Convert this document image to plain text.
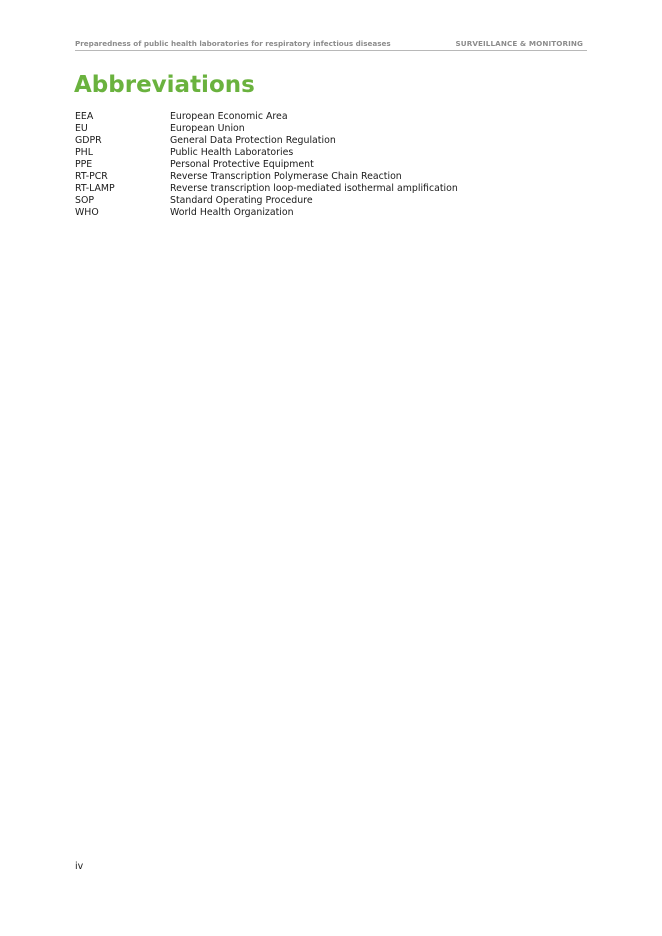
Preparedness of public health laboratories for respiratory infectious diseases	SURVEILLANCE & MONITORING
Abbreviations
EEA	European Economic Area
EU	European Union
GDPR	General Data Protection Regulation
PHL	Public Health Laboratories
PPE	Personal Protective Equipment
RT-PCR	Reverse Transcription Polymerase Chain Reaction
RT-LAMP	Reverse transcription loop-mediated isothermal amplification
SOP	Standard Operating Procedure
WHO	World Health Organization
iv
